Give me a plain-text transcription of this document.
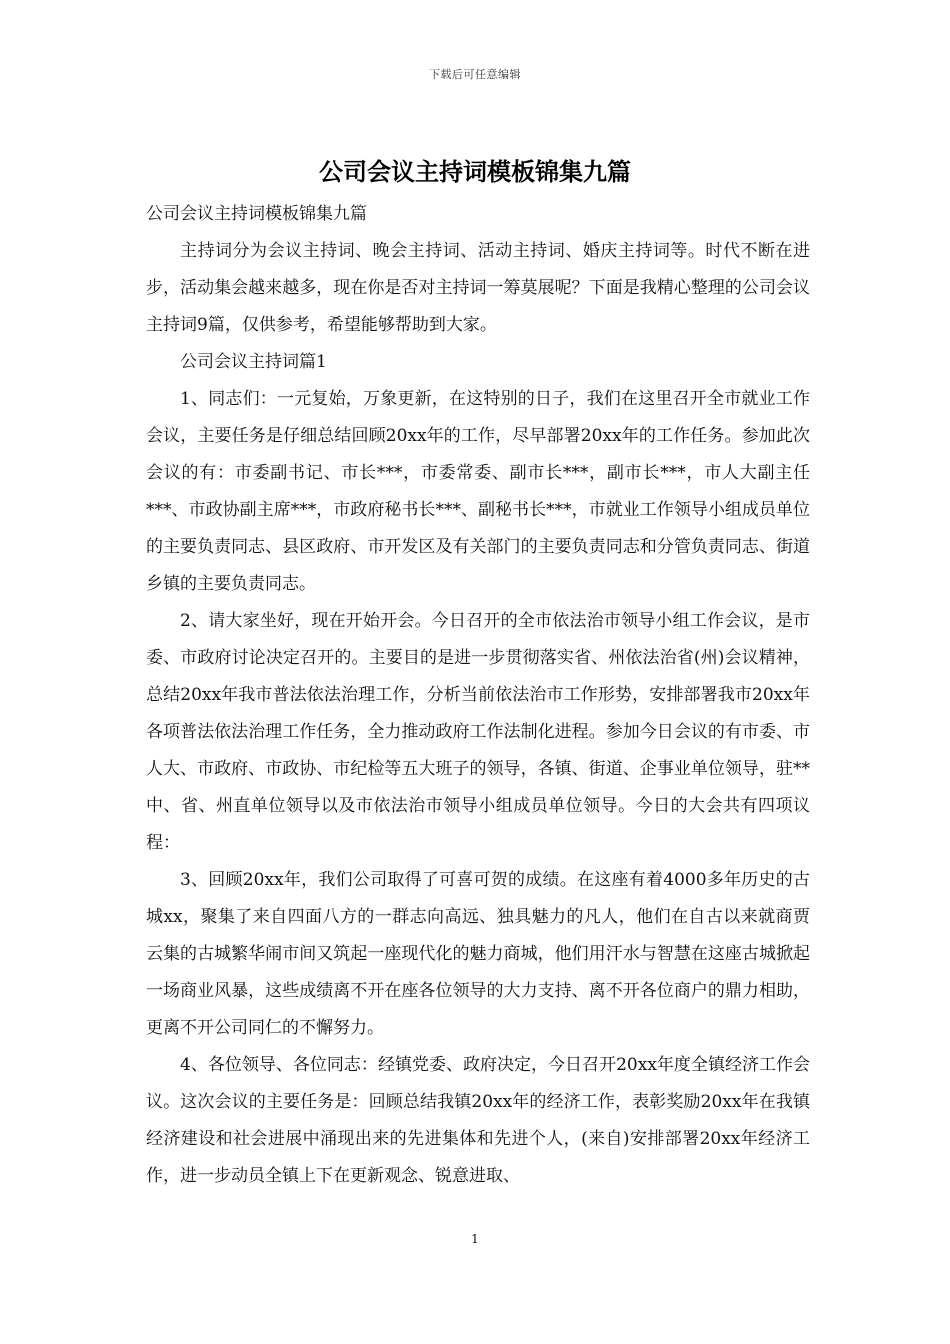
下载后可任意编辑
公司会议主持词模板锦集九篇

公司会议主持词模板锦集九篇

主持词分为会议主持词、晚会主持词、活动主持词、婚庆主持词等。时代不断在进步，活动集会越来越多，现在你是否对主持词一筹莫展呢？下面是我精心整理的公司会议主持词9篇，仅供参考，希望能够帮助到大家。

公司会议主持词篇1

1、同志们：一元复始，万象更新，在这特别的日子，我们在这里召开全市就业工作会议，主要任务是仔细总结回顾20xx年的工作，尽早部署20xx年的工作任务。参加此次会议的有：市委副书记、市长***，市委常委、副市长***，副市长***，市人大副主任***、市政协副主席***，市政府秘书长***、副秘书长***，市就业工作领导小组成员单位的主要负责同志、县区政府、市开发区及有关部门的主要负责同志和分管负责同志、街道乡镇的主要负责同志。

2、请大家坐好，现在开始开会。今日召开的全市依法治市领导小组工作会议，是市委、市政府讨论决定召开的。主要目的是进一步贯彻落实省、州依法治省(州)会议精神，总结20xx年我市普法依法治理工作，分析当前依法治市工作形势，安排部署我市20xx年各项普法依法治理工作任务，全力推动政府工作法制化进程。参加今日会议的有市委、市人大、市政府、市政协、市纪检等五大班子的领导，各镇、街道、企事业单位领导，驻**中、省、州直单位领导以及市依法治市领导小组成员单位领导。今日的大会共有四项议程：

3、回顾20xx年，我们公司取得了可喜可贺的成绩。在这座有着4000多年历史的古城xx，聚集了来自四面八方的一群志向高远、独具魅力的凡人，他们在自古以来就商贾云集的古城繁华闹市间又筑起一座现代化的魅力商城，他们用汗水与智慧在这座古城掀起一场商业风暴，这些成绩离不开在座各位领导的大力支持、离不开各位商户的鼎力相助，更离不开公司同仁的不懈努力。

4、各位领导、各位同志：经镇党委、政府决定，今日召开20xx年度全镇经济工作会议。这次会议的主要任务是：回顾总结我镇20xx年的经济工作，表彰奖励20xx年在我镇经济建设和社会进展中涌现出来的先进集体和先进个人，(来自)安排部署20xx年经济工作，进一步动员全镇上下在更新观念、锐意进取、

1
